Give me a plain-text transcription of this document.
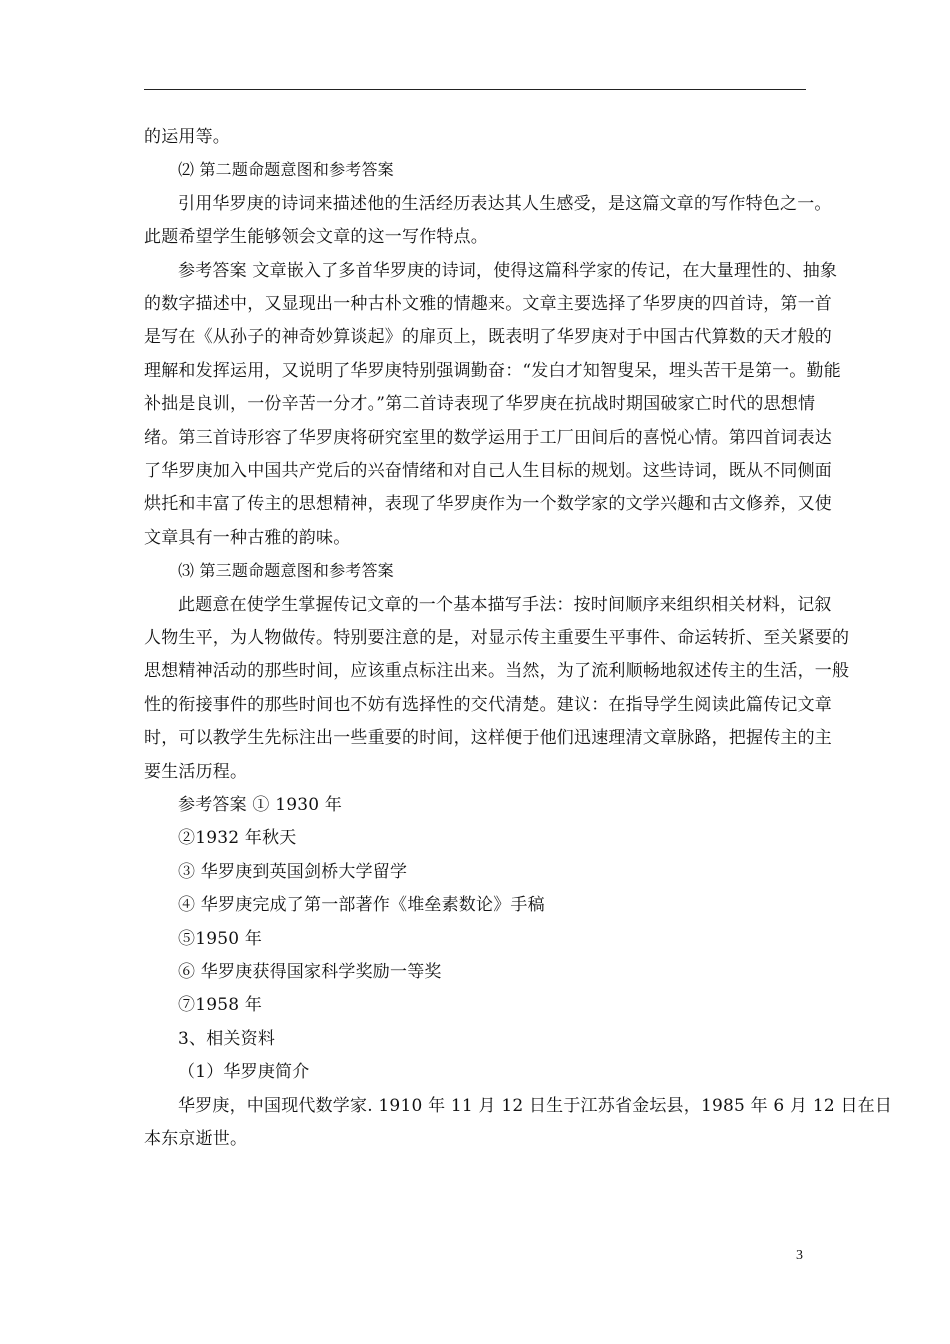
的运用等。
⑵ 第二题命题意图和参考答案
引用华罗庚的诗词来描述他的生活经历表达其人生感受，是这篇文章的写作特色之一。
此题希望学生能够领会文章的这一写作特点。
参考答案 文章嵌入了多首华罗庚的诗词，使得这篇科学家的传记，在大量理性的、抽象
的数字描述中，又显现出一种古朴文雅的情趣来。文章主要选择了华罗庚的四首诗，第一首
是写在《从孙子的神奇妙算谈起》的扉页上，既表明了华罗庚对于中国古代算数的天才般的
理解和发挥运用，又说明了华罗庚特别强调勤奋：“发白才知智叟呆，埋头苦干是第一。勤能
补拙是良训，一份辛苦一分才。”第二首诗表现了华罗庚在抗战时期国破家亡时代的思想情
绪。第三首诗形容了华罗庚将研究室里的数学运用于工厂田间后的喜悦心情。第四首词表达
了华罗庚加入中国共产党后的兴奋情绪和对自己人生目标的规划。这些诗词，既从不同侧面
烘托和丰富了传主的思想精神，表现了华罗庚作为一个数学家的文学兴趣和古文修养，又使
文章具有一种古雅的韵味。
⑶ 第三题命题意图和参考答案
此题意在使学生掌握传记文章的一个基本描写手法：按时间顺序来组织相关材料，记叙
人物生平，为人物做传。特别要注意的是，对显示传主重要生平事件、命运转折、至关紧要的
思想精神活动的那些时间，应该重点标注出来。当然，为了流利顺畅地叙述传主的生活，一般
性的衔接事件的那些时间也不妨有选择性的交代清楚。建议：在指导学生阅读此篇传记文章
时，可以教学生先标注出一些重要的时间，这样便于他们迅速理清文章脉路，把握传主的主
要生活历程。
参考答案 ① 1930 年
②1932 年秋天
③ 华罗庚到英国剑桥大学留学
④ 华罗庚完成了第一部著作《堆垒素数论》手稿
⑤1950 年
⑥ 华罗庚获得国家科学奖励一等奖
⑦1958 年
3、相关资料
（1）华罗庚简介
华罗庚，中国现代数学家. 1910 年 11 月 12 日生于江苏省金坛县，1985 年 6 月 12 日在日
本东京逝世。
3
